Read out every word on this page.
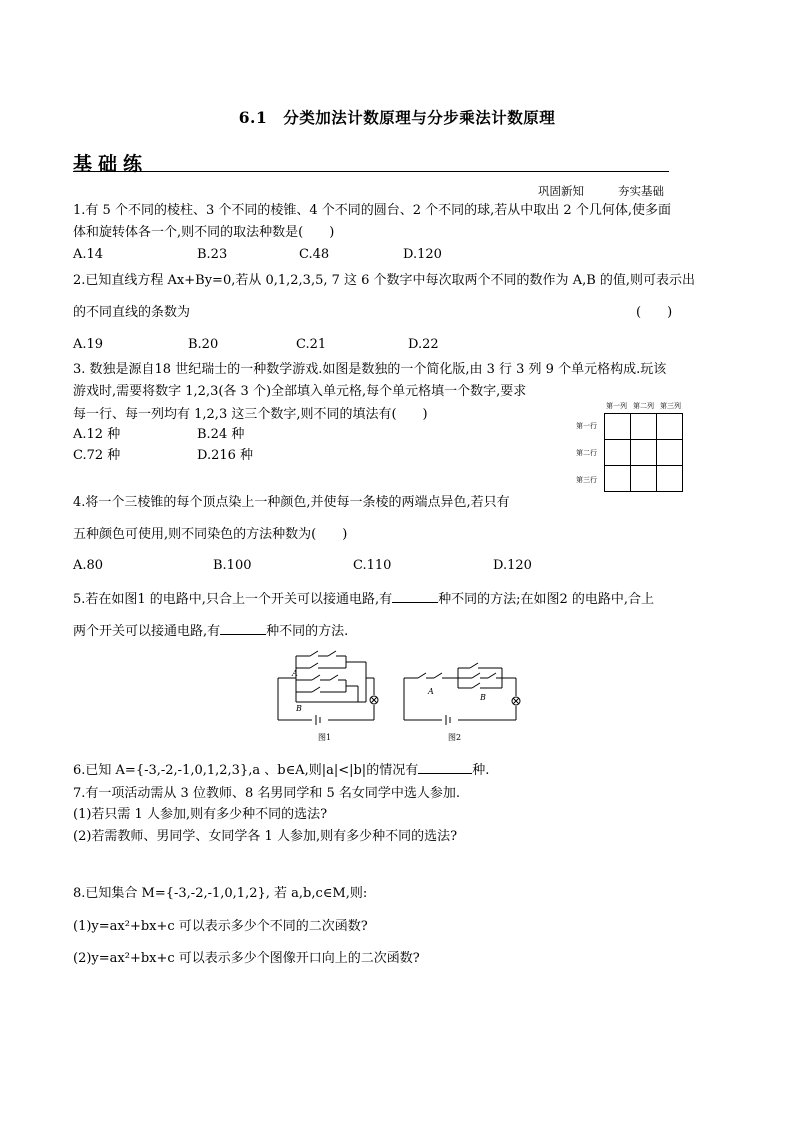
6.1　分类加法计数原理与分步乘法计数原理
基础练
巩固新知	夯实基础
1.有 5 个不同的棱柱、3 个不同的棱锥、4 个不同的圆台、2 个不同的球,若从中取出 2 个几何体,使多面
体和旋转体各一个,则不同的取法种数是(　　)
A.14	B.23	C.48	D.120
2.已知直线方程 Ax+By=0,若从 0,1,2,3,5, 7 这 6 个数字中每次取两个不同的数作为 A,B 的值,则可表示出
的不同直线的条数为	(　　)
A.19	B.20	C.21	D.22
3. 数独是源自18 世纪瑞士的一种数学游戏.如图是数独的一个简化版,由 3 行 3 列 9 个单元格构成.玩该
游戏时,需要将数字 1,2,3(各 3 个)全部填入单元格,每个单元格填一个数字,要求
每一行、每一列均有 1,2,3 这三个数字,则不同的填法有(　　)
A.12 种	B.24 种
C.72 种	D.216 种
第一列 第二列 第三列
第一行
第二行
第三行

4.将一个三棱锥的每个顶点染上一种颜色,并使每一条棱的两端点异色,若只有
五种颜色可使用,则不同染色的方法种数为(　　)
A.80	B.100	C.110	D.120
5.若在如图1 的电路中,只合上一个开关可以接通电路,有	种不同的方法;在如图2 的电路中,合上
两个开关可以接通电路,有	种不同的方法.
A
B
图1
A
B
图2
6.已知 A={-3,-2,-1,0,1,2,3},a 、b∈A,则|a|<|b|的情况有	种.
7.有一项活动需从 3 位教师、8 名男同学和 5 名女同学中选人参加.
(1)若只需 1 人参加,则有多少种不同的选法?
(2)若需教师、男同学、女同学各 1 人参加,则有多少种不同的选法?
8.已知集合 M={-3,-2,-1,0,1,2}, 若 a,b,c∈M,则:
(1)y=ax²+bx+c 可以表示多少个不同的二次函数?
(2)y=ax²+bx+c 可以表示多少个图像开口向上的二次函数?
